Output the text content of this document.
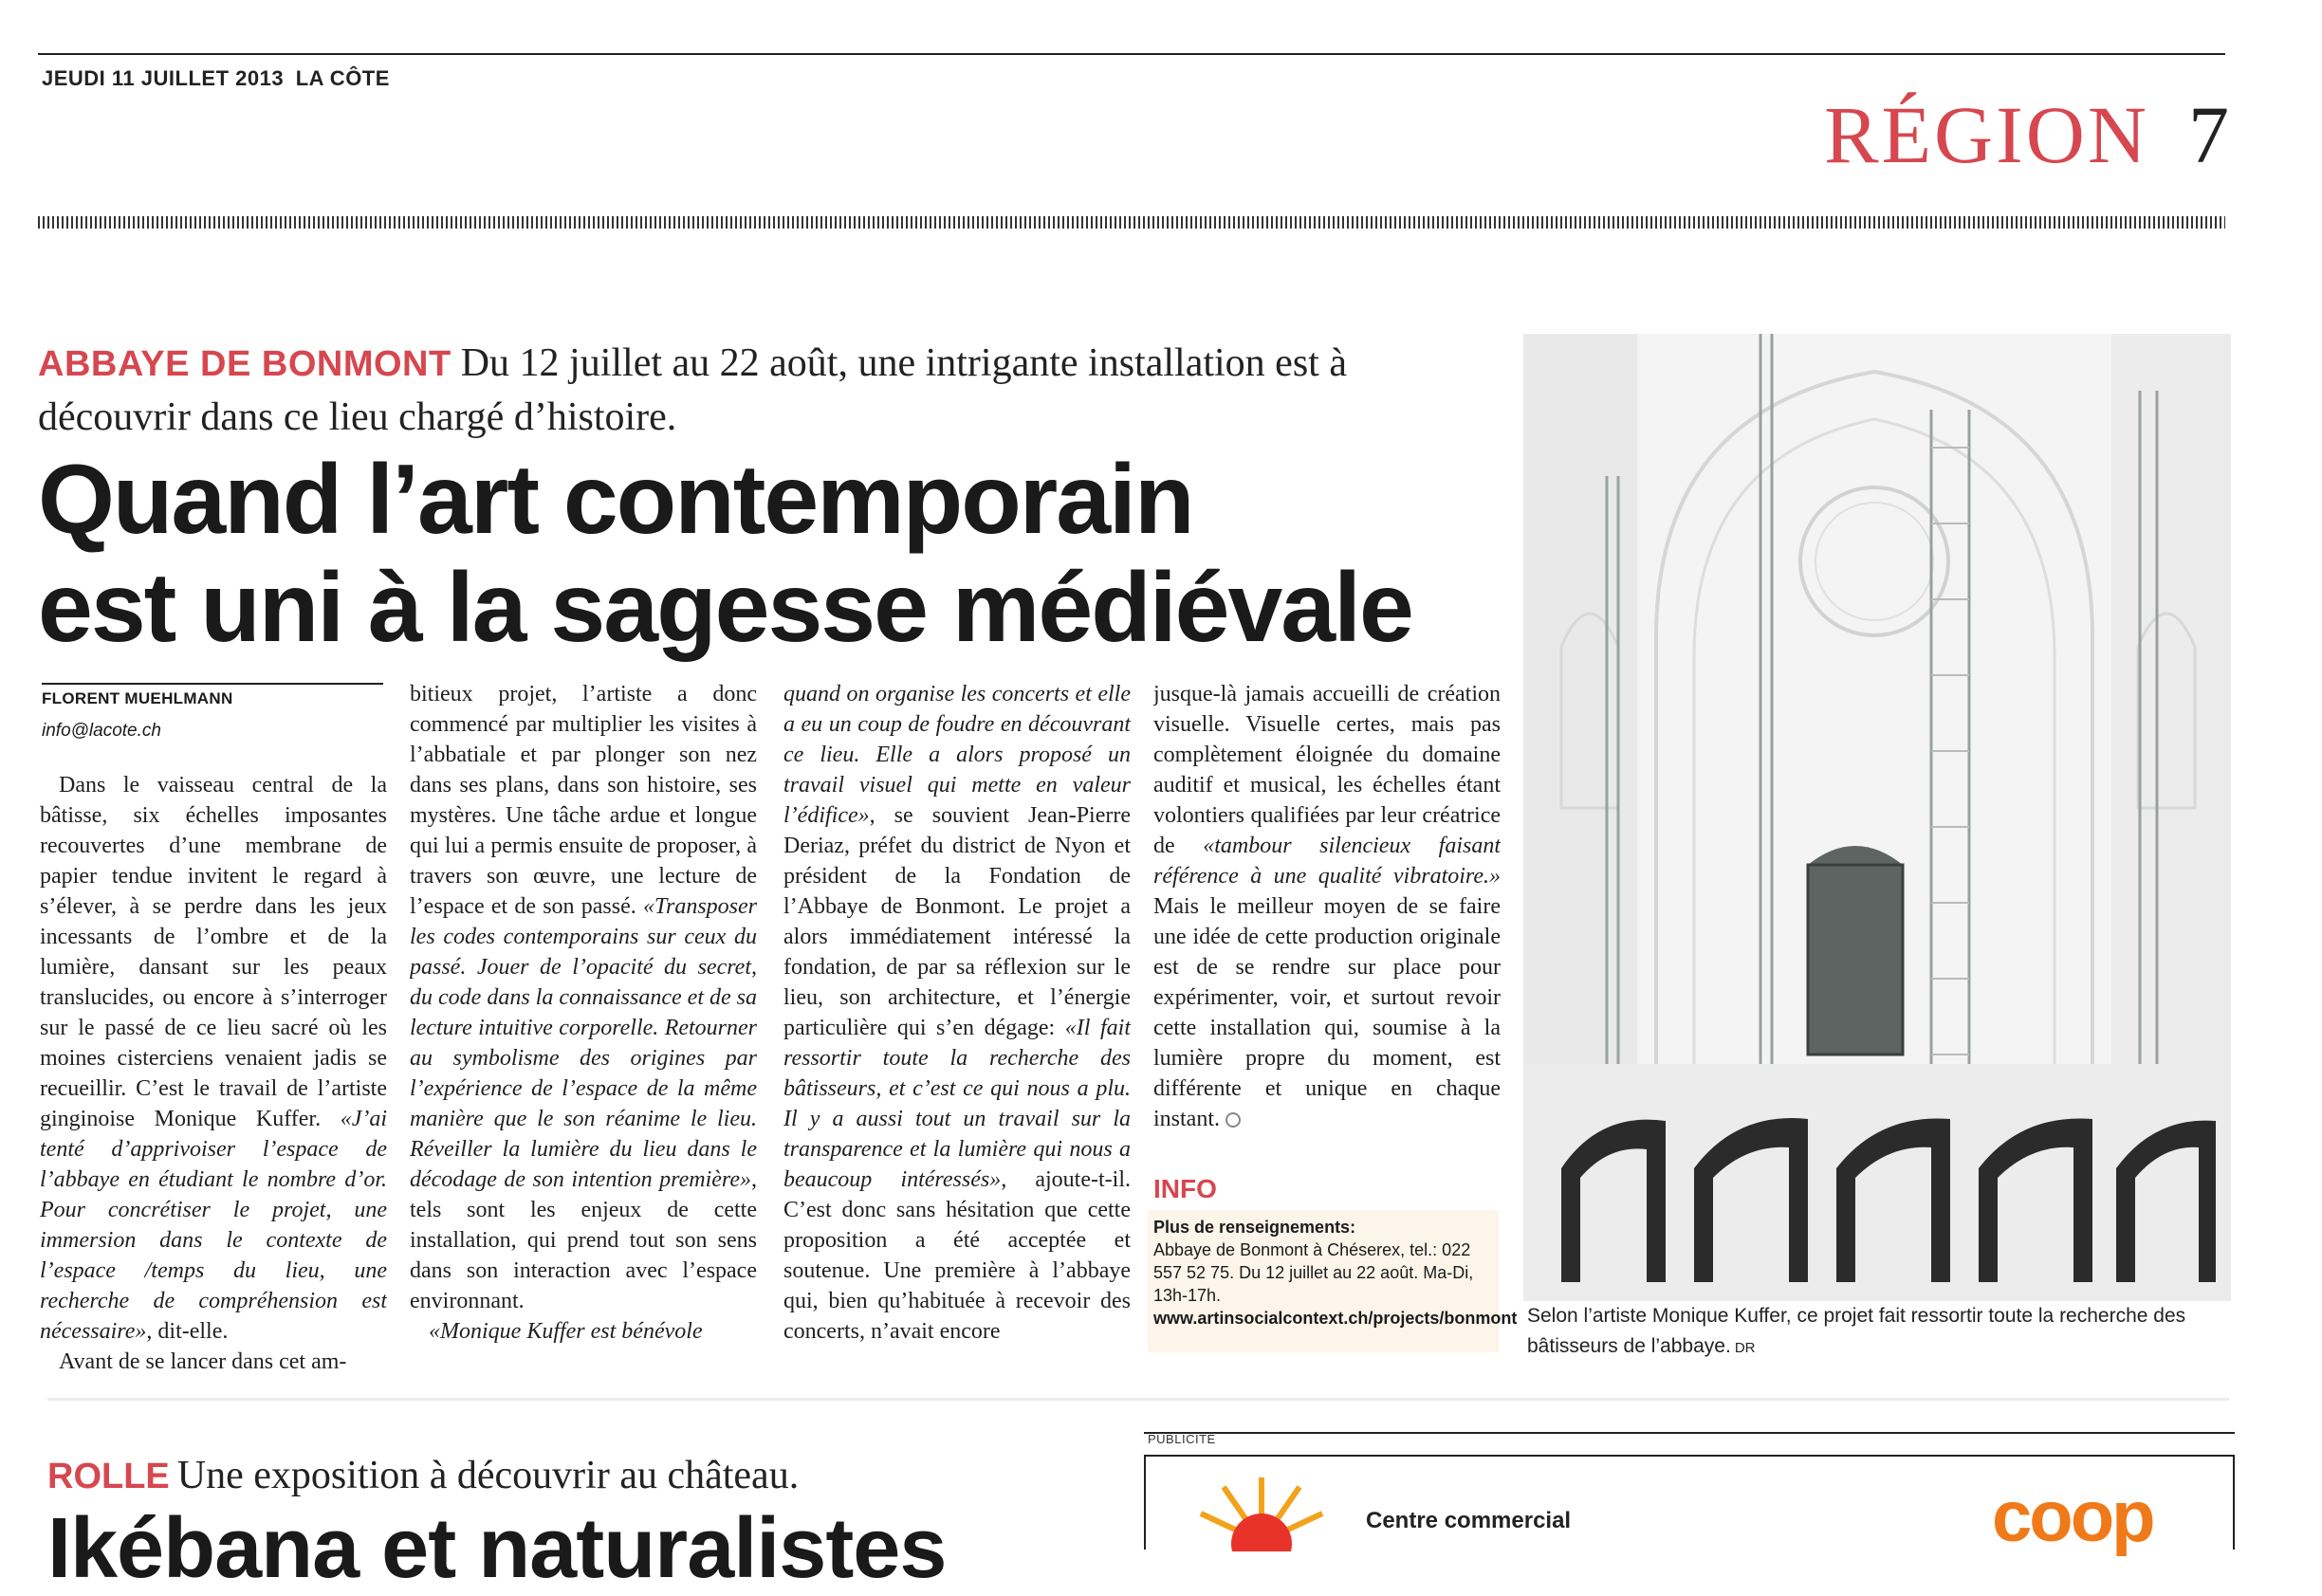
JEUDI 11 JUILLET 2013 LA CÔTE
RÉGION 7
ABBAYE DE BONMONT Du 12 juillet au 22 août, une intrigante installation est à découvrir dans ce lieu chargé d’histoire.
Quand l’art contemporain
est uni à la sagesse médiévale
FLORENT MUEHLMANN
info@lacote.ch

Dans le vaisseau central de la bâtisse, six échelles imposantes recouvertes d’une membrane de papier tendue invitent le regard à s’élever, à se perdre dans les jeux incessants de l’ombre et de la lumière, dansant sur les peaux translucides, ou encore à s’interroger sur le passé de ce lieu sacré où les moines cisterciens venaient jadis se recueillir. C’est le travail de l’artiste ginginoise Monique Kuffer. «J’ai tenté d’apprivoiser l’espace de l’abbaye en étudiant le nombre d’or. Pour concrétiser le projet, une immersion dans le contexte de l’espace /temps du lieu, une recherche de compréhension est nécessaire», dit-elle.

Avant de se lancer dans cet am-

bitieux projet, l’artiste a donc commencé par multiplier les visites à l’abbatiale et par plonger son nez dans ses plans, dans son histoire, ses mystères. Une tâche ardue et longue qui lui a permis ensuite de proposer, à travers son œuvre, une lecture de l’espace et de son passé. «Transposer les codes contemporains sur ceux du passé. Jouer de l’opacité du secret, du code dans la connaissance et de sa lecture intuitive corporelle. Retourner au symbolisme des origines par l’expérience de l’espace de la même manière que le son réanime le lieu. Réveiller la lumière du lieu dans le décodage de son intention première», tels sont les enjeux de cette installation, qui prend tout son sens dans son interaction avec l’espace environnant.

«Monique Kuffer est bénévole

quand on organise les concerts et elle a eu un coup de foudre en découvrant ce lieu. Elle a alors proposé un travail visuel qui mette en valeur l’édifice», se souvient Jean-Pierre Deriaz, préfet du district de Nyon et président de la Fondation de l’Abbaye de Bonmont. Le projet a alors immédiatement intéressé la fondation, de par sa réflexion sur le lieu, son architecture, et l’énergie particulière qui s’en dégage: «Il fait ressortir toute la recherche des bâtisseurs, et c’est ce qui nous a plu. Il y a aussi tout un travail sur la transparence et la lumière qui nous a beaucoup intéressés», ajoute-t-il. C’est donc sans hésitation que cette proposition a été acceptée et soutenue. Une première à l’abbaye qui, bien qu’habituée à recevoir des concerts, n’avait encore

jusque-là jamais accueilli de création visuelle. Visuelle certes, mais pas complètement éloignée du domaine auditif et musical, les échelles étant volontiers qualifiées par leur créatrice de «tambour silencieux faisant référence à une qualité vibratoire.» Mais le meilleur moyen de se faire une idée de cette production originale est de se rendre sur place pour expérimenter, voir, et surtout revoir cette installation qui, soumise à la lumière propre du moment, est différente et unique en chaque instant.

INFO
Plus de renseignements:
Abbaye de Bonmont à Chéserex, tel.: 022 557 52 75. Du 12 juillet au 22 août. Ma-Di, 13h-17h.
www.artinsocialcontext.ch/projects/bonmont Selon l’artiste Monique Kuffer, ce projet fait ressortir toute la recherche des bâtisseurs de l’abbaye. DR
ROLLE Une exposition à découvrir au château.
Ikébana et naturalistes
PUBLICITÉ
Centre commercial	coop
